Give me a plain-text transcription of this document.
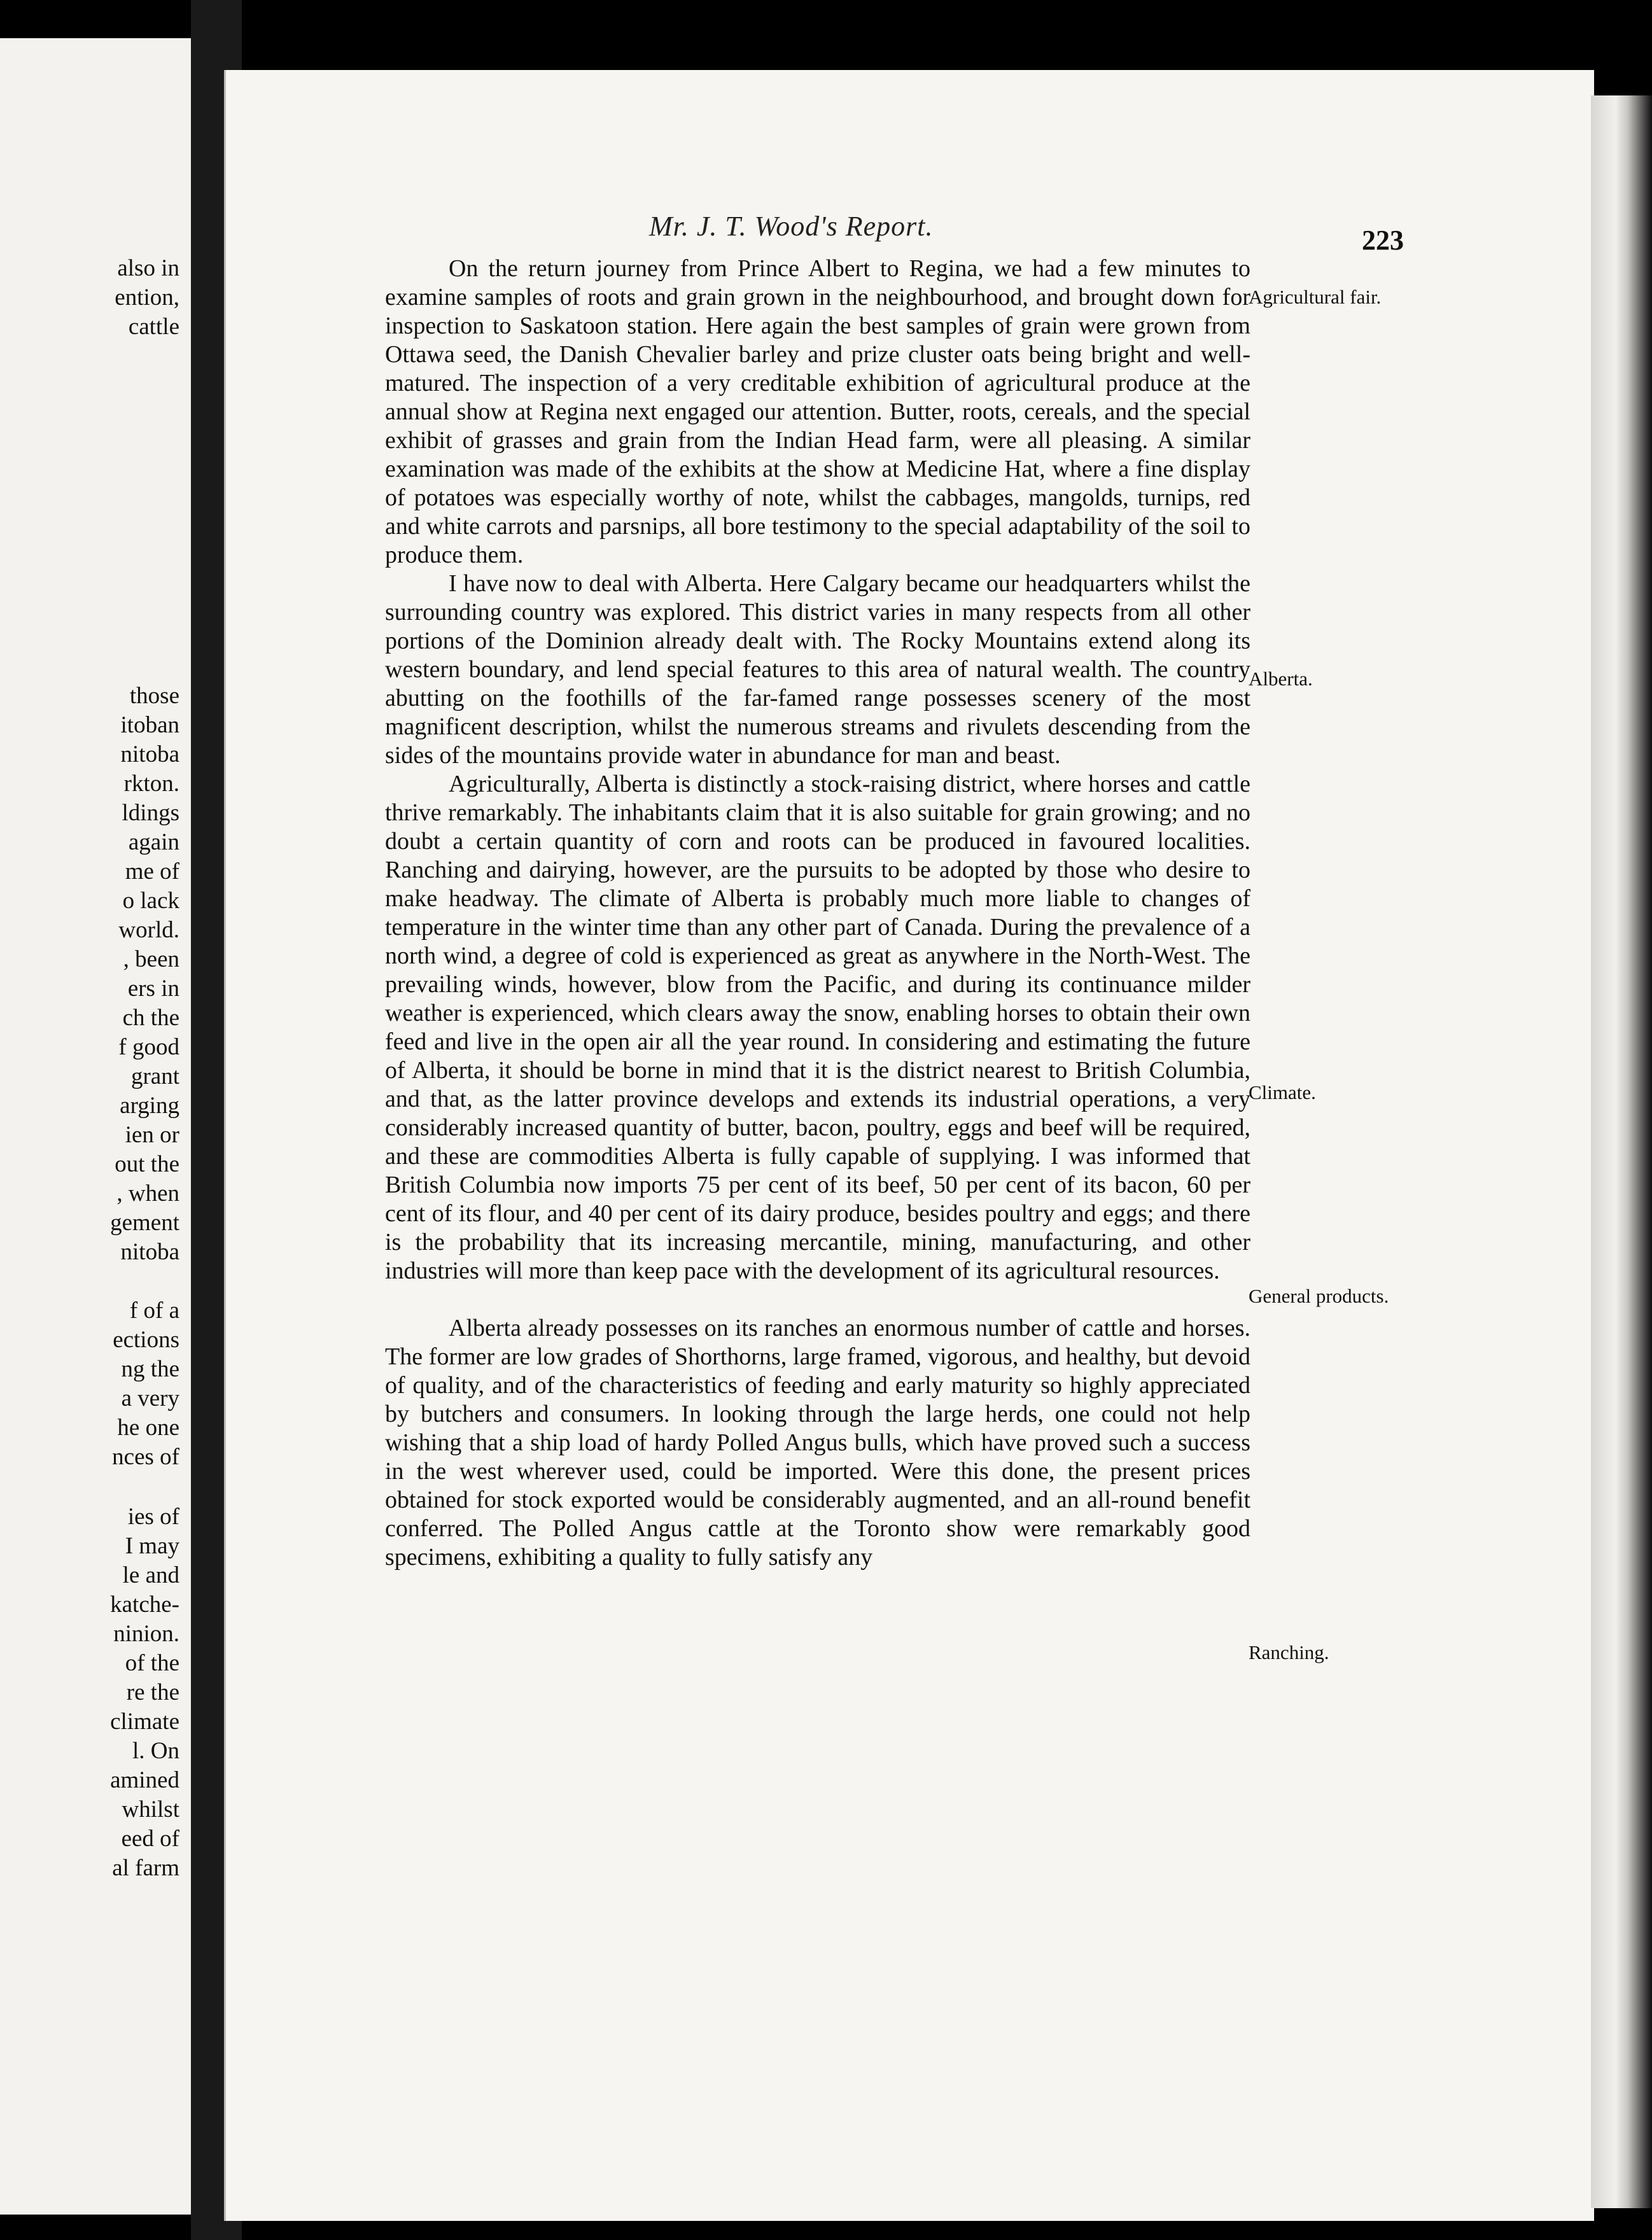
also in
ention,
cattle
those
itoban
nitoba
rkton.
ldings
again
me of
o lack
world.
, been
ers in
ch the
f good
grant
arging
ien or
out the
, when
gement
nitoba
f of a
ections
ng the
a very
he one
nces of
ies of
I may
le and
katche-
ninion.
of the
re the
climate
l. On
amined
whilst
eed of
al farm
Mr. J. T. Wood's Report.	223

On the return journey from Prince Albert to Regina, we had a few minutes to examine samples of roots and grain grown in the neighbourhood, and brought down for inspection to Saskatoon station. Here again the best samples of grain were grown from Ottawa seed, the Danish Chevalier barley and prize cluster oats being bright and well-matured. The inspection of a very creditable exhibition of agricultural produce at the annual show at Regina next engaged our attention. Butter, roots, cereals, and the special exhibit of grasses and grain from the Indian Head farm, were all pleasing. A similar examination was made of the exhibits at the show at Medicine Hat, where a fine display of potatoes was especially worthy of note, whilst the cabbages, mangolds, turnips, red and white carrots and parsnips, all bore testimony to the special adaptability of the soil to produce them.

I have now to deal with Alberta. Here Calgary became our headquarters whilst the surrounding country was explored. This district varies in many respects from all other portions of the Dominion already dealt with. The Rocky Mountains extend along its western boundary, and lend special features to this area of natural wealth. The country abutting on the foothills of the far-famed range possesses scenery of the most magnificent description, whilst the numerous streams and rivulets descending from the sides of the mountains provide water in abundance for man and beast.

Agriculturally, Alberta is distinctly a stock-raising district, where horses and cattle thrive remarkably. The inhabitants claim that it is also suitable for grain growing; and no doubt a certain quantity of corn and roots can be produced in favoured localities. Ranching and dairying, however, are the pursuits to be adopted by those who desire to make headway. The climate of Alberta is probably much more liable to changes of temperature in the winter time than any other part of Canada. During the prevalence of a north wind, a degree of cold is experienced as great as anywhere in the North-West. The prevailing winds, however, blow from the Pacific, and during its continuance milder weather is experienced, which clears away the snow, enabling horses to obtain their own feed and live in the open air all the year round. In considering and estimating the future of Alberta, it should be borne in mind that it is the district nearest to British Columbia, and that, as the latter province develops and extends its industrial operations, a very considerably increased quantity of butter, bacon, poultry, eggs and beef will be required, and these are commodities Alberta is fully capable of supplying. I was informed that British Columbia now imports 75 per cent of its beef, 50 per cent of its bacon, 60 per cent of its flour, and 40 per cent of its dairy produce, besides poultry and eggs; and there is the probability that its increasing mercantile, mining, manufacturing, and other industries will more than keep pace with the development of its agricultural resources.

Alberta already possesses on its ranches an enormous number of cattle and horses. The former are low grades of Shorthorns, large framed, vigorous, and healthy, but devoid of quality, and of the characteristics of feeding and early maturity so highly appreciated by butchers and consumers. In looking through the large herds, one could not help wishing that a ship load of hardy Polled Angus bulls, which have proved such a success in the west wherever used, could be imported. Were this done, the present prices obtained for stock exported would be considerably augmented, and an all-round benefit conferred. The Polled Angus cattle at the Toronto show were remarkably good specimens, exhibiting a quality to fully satisfy any

Agricultural fair.
Alberta.
Climate.
General products.
Ranching.
